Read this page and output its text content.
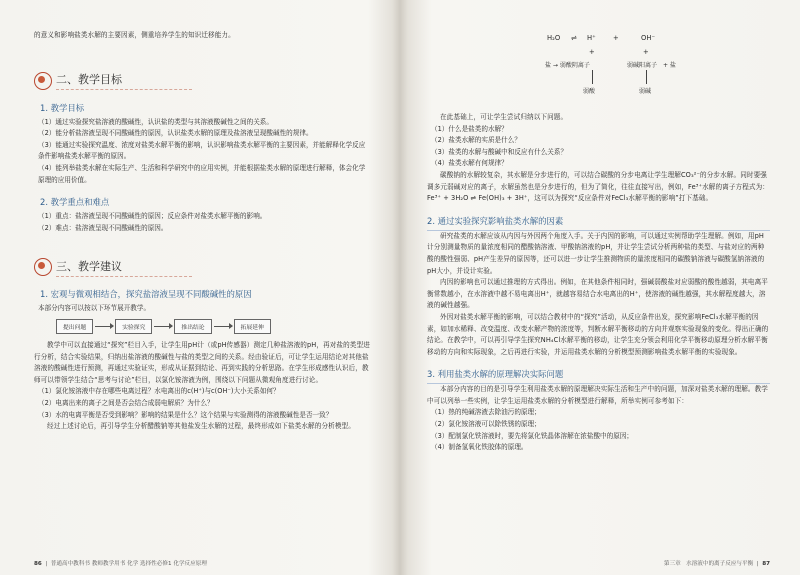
的意义和影响盐类水解的主要因素，侧重培养学生的知识迁移能力。

二、教学目标
1. 教学目标

（1）通过实验探究盐溶液的酸碱性，认识盐的类型与其溶液酸碱性之间的关系。

（2）能分析盐溶液呈现不同酸碱性的原因，认识盐类水解的原理及盐溶液呈现酸碱性的规律。

（3）能通过实验探究温度、浓度对盐类水解平衡的影响，认识影响盐类水解平衡的主要因素，并能解释化学反应条件影响盐类水解平衡的原因。

（4）能列举盐类水解在实际生产、生活和科学研究中的应用实例，并能根据盐类水解的原理进行解释，体会化学原理的应用价值。

2. 教学重点和难点

（1）重点：盐溶液呈现不同酸碱性的原因；反应条件对盐类水解平衡的影响。

（2）难点：盐溶液呈现不同酸碱性的原因。

三、教学建议
1. 宏观与微观相结合，探究盐溶液呈现不同酸碱性的原因

本部分内容可以按以下环节展开教学。

提出问题	实验探究	推出结论	拓展延伸

教学中可以直接通过“探究”栏目入手，让学生用pH计（或pH传感器）测定几种盐溶液的pH，再对盐的类型进行分析，结合实验结果，归纳出盐溶液的酸碱性与盐的类型之间的关系。经由验证后，可让学生运用结论对其他盐溶液的酸碱性进行预测，再通过实验证实，形成从证据到结论、再到实践的分析思路。在学生形成感性认识后，教师可以带领学生结合“思考与讨论”栏目，以氯化铵溶液为例，围绕以下问题从微观角度进行讨论。

（1）氯化铵溶液中存在哪些电离过程？水电离出的c(H⁺)与c(OH⁻)大小关系如何？

（2）电离出来的离子之间是否会结合成弱电解质？为什么？

（3）水的电离平衡是否受到影响？影响的结果是什么？这个结果与实验测得的溶液酸碱性是否一致？

经过上述讨论后，再引导学生分析醋酸钠等其他盐发生水解的过程，最终形成如下盐类水解的分析模型。

86  |  普通高中教科书 教师教学用书 化学 选择性必修1 化学反应原理
H₂O ⇌ H⁺	+	OH⁻
+	+
盐 → 弱酸阴离子	弱碱阳离子 + 盐
弱酸	弱碱

在此基础上，可让学生尝试归纳以下问题。

（1）什么是盐类的水解？

（2）盐类水解的实质是什么？

（3）盐类的水解与酸碱中和反应有什么关系？

（4）盐类水解有何规律？

碳酸钠的水解较复杂，其水解是分步进行的，可以结合碳酸的分步电离让学生理解CO₃²⁻的分步水解。同时要强调多元弱碱对应的离子，水解虽然也是分步进行的，但为了简化，往往直接写出，例如，Fe³⁺水解的离子方程式为：Fe³⁺ + 3H₂O ⇌ Fe(OH)₃ + 3H⁺，这可以为探究“反应条件对FeCl₃水解平衡的影响”打下基础。

2. 通过实验探究影响盐类水解的因素

研究盐类的水解应该从内因与外因两个角度入手。关于内因的影响，可以通过实例帮助学生理解。例如，用pH计分别测量物质的量浓度相同的醋酸钠溶液、甲酸钠溶液的pH，并让学生尝试分析两种盐的类型、与盐对应的两种酸的酸性强弱、pH产生差异的原因等，还可以进一步让学生推测物质的量浓度相同的碳酸钠溶液与碳酸氢钠溶液的pH大小，并设计实验。

内因的影响也可以通过推理的方式得出。例如，在其他条件相同时，强碱弱酸盐对应弱酸的酸性越弱，其电离平衡常数越小，在水溶液中越不易电离出H⁺，就越容易结合水电离出的H⁺，使溶液的碱性越强，其水解程度越大，溶液的碱性越强。

外因对盐类水解平衡的影响，可以结合教材中的“探究”活动，从反应条件出发，探究影响FeCl₃水解平衡的因素，如加水稀释、改变温度、改变水解产物的浓度等，判断水解平衡移动的方向并观察实验现象的变化。得出正确的结论。在教学中，可以再引导学生探究NH₄Cl水解平衡的移动，让学生充分领会利用化学平衡移动原理分析水解平衡移动的方向和实际现象，之后再进行实验，并运用盐类水解的分析模型预测影响盐类水解平衡的实验现象。

3. 利用盐类水解的原理解决实际问题

本部分内容的目的是引导学生利用盐类水解的原理解决实际生活和生产中的问题，加深对盐类水解的理解。教学中可以列举一些实例，让学生运用盐类水解的分析模型进行解释，所举实例可参考如下：

（1）热的纯碱溶液去除油污的原理；

（2）氯化铵溶液可以除铁锈的原理；

（3）配制氯化铁溶液时，要先将氯化铁晶体溶解在浓盐酸中的原因；

（4）制备氢氧化铁胶体的原理。

第三章 水溶液中的离子反应与平衡  |  87
